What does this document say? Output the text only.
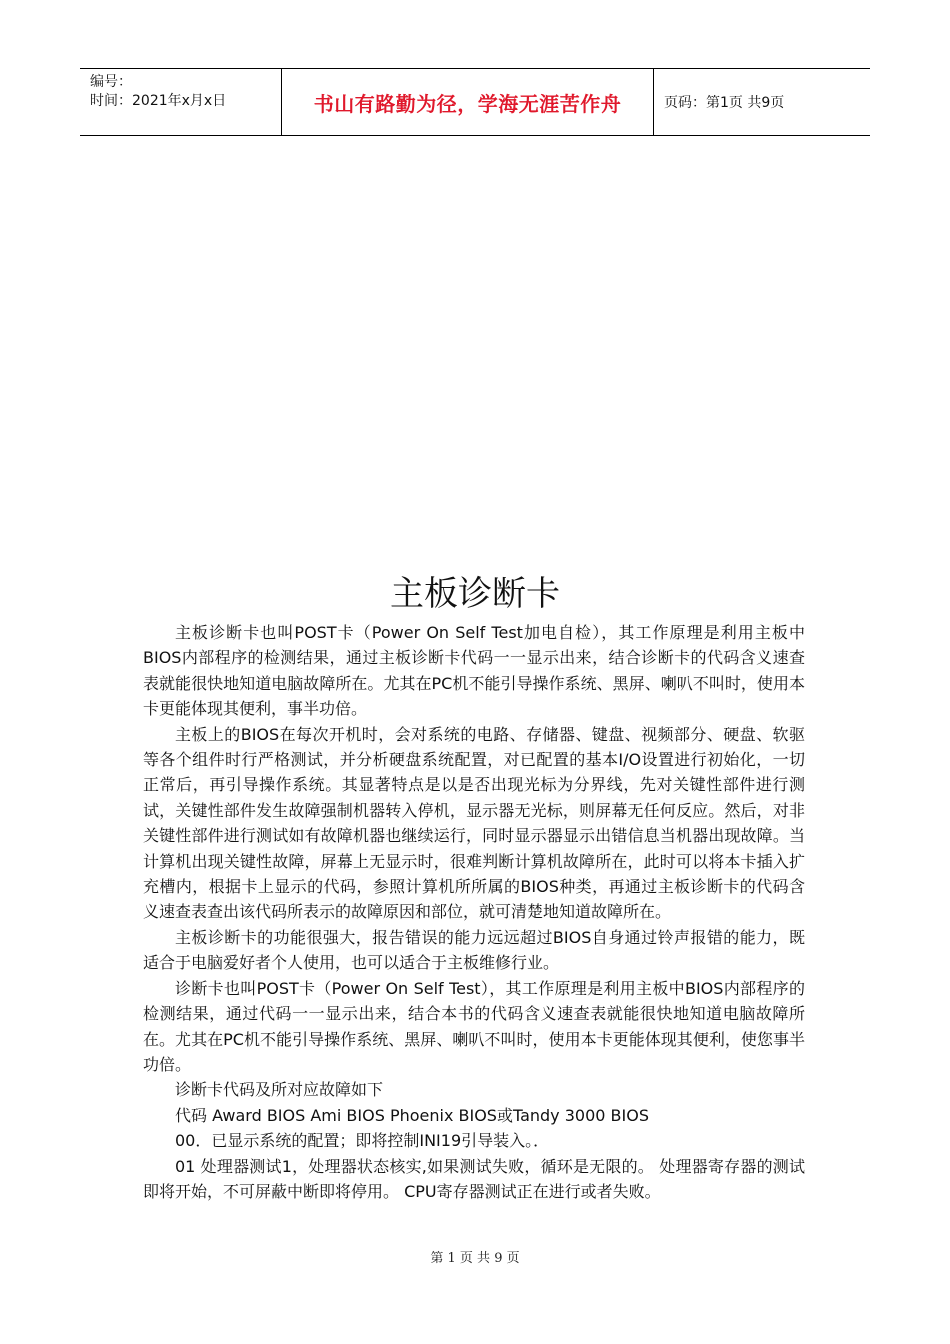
编号：
时间：2021年x月x日	书山有路勤为径，学海无涯苦作舟	页码：第1页 共9页
主板诊断卡

主板诊断卡也叫POST卡（Power On Self Test加电自检），其工作原理是利用主板中BIOS内部程序的检测结果，通过主板诊断卡代码一一显示出来，结合诊断卡的代码含义速查表就能很快地知道电脑故障所在。尤其在PC机不能引导操作系统、黑屏、喇叭不叫时，使用本卡更能体现其便利，事半功倍。

主板上的BIOS在每次开机时，会对系统的电路、存储器、键盘、视频部分、硬盘、软驱等各个组件时行严格测试，并分析硬盘系统配置，对已配置的基本I/O设置进行初始化，一切正常后，再引导操作系统。其显著特点是以是否出现光标为分界线，先对关键性部件进行测试，关键性部件发生故障强制机器转入停机，显示器无光标，则屏幕无任何反应。然后，对非关键性部件进行测试如有故障机器也继续运行，同时显示器显示出错信息当机器出现故障。当计算机出现关键性故障，屏幕上无显示时，很难判断计算机故障所在，此时可以将本卡插入扩充槽内，根据卡上显示的代码，参照计算机所所属的BIOS种类，再通过主板诊断卡的代码含义速查表查出该代码所表示的故障原因和部位，就可清楚地知道故障所在。

主板诊断卡的功能很强大，报告错误的能力远远超过BIOS自身通过铃声报错的能力，既适合于电脑爱好者个人使用，也可以适合于主板维修行业。

诊断卡也叫POST卡（Power On Self Test），其工作原理是利用主板中BIOS内部程序的检测结果，通过代码一一显示出来，结合本书的代码含义速查表就能很快地知道电脑故障所在。尤其在PC机不能引导操作系统、黑屏、喇叭不叫时，使用本卡更能体现其便利，使您事半功倍。

诊断卡代码及所对应故障如下

代码 Award BIOS Ami BIOS Phoenix BIOS或Tandy 3000 BIOS

00．已显示系统的配置；即将控制INI19引导装入。．

01 处理器测试1，处理器状态核实,如果测试失败，循环是无限的。 处理器寄存器的测试即将开始，不可屏蔽中断即将停用。 CPU寄存器测试正在进行或者失败。

第 1 页 共 9 页
